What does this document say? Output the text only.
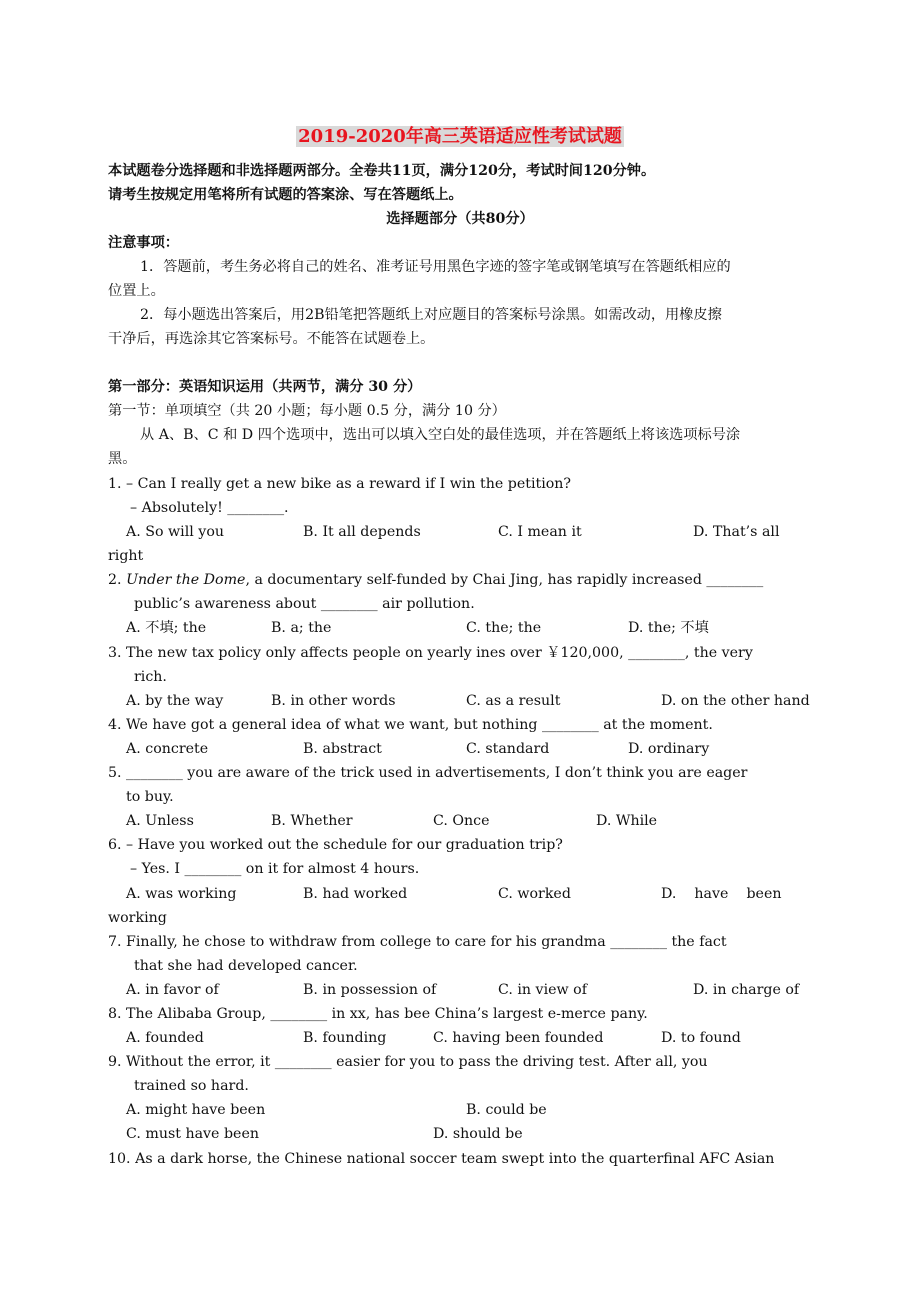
2019-2020年高三英语适应性考试试题
本试题卷分选择题和非选择题两部分。全卷共11页，满分120分，考试时间120分钟。
请考生按规定用笔将所有试题的答案涂、写在答题纸上。
选择题部分（共80分）
注意事项：
1．答题前，考生务必将自己的姓名、准考证号用黑色字迹的签字笔或钢笔填写在答题纸相应的
位置上。
2．每小题选出答案后，用2B铅笔把答题纸上对应题目的答案标号涂黑。如需改动，用橡皮擦
干净后，再选涂其它答案标号。不能答在试题卷上。
第一部分：英语知识运用（共两节，满分 30 分）
第一节：单项填空（共 20 小题；每小题 0.5 分，满分 10 分）
从 A、B、C 和 D 四个选项中，选出可以填入空白处的最佳选项，并在答题纸上将该选项标号涂
黑。
1. – Can I really get a new bike as a reward if I win the petition?
– Absolutely! ________.
A. So will you	B. It all depends	C. I mean it	D. That’s all
right
2. Under the Dome, a documentary self-funded by Chai Jing, has rapidly increased ________
public’s awareness about ________ air pollution.
A. 不填; the	B. a; the	C. the; the	D. the; 不填
3. The new tax policy only affects people on yearly ines over ￥120,000, ________, the very
rich.
A. by the way	B. in other words	C. as a result	D. on the other hand
4. We have got a general idea of what we want, but nothing ________ at the moment.
A. concrete	B. abstract	C. standard	D. ordinary
5. ________ you are aware of the trick used in advertisements, I don’t think you are eager
to buy.
A. Unless	B. Whether	C. Once	D. While
6. – Have you worked out the schedule for our graduation trip?
– Yes. I ________ on it for almost 4 hours.
A. was working	B. had worked	C. worked	D.    have    been
working
7. Finally, he chose to withdraw from college to care for his grandma ________ the fact
that she had developed cancer.
A. in favor of	B. in possession of	C. in view of	D. in charge of
8. The Alibaba Group, ________ in xx, has bee China’s largest e-merce pany.
A. founded	B. founding	C. having been founded	D. to found
9. Without the error, it ________ easier for you to pass the driving test. After all, you
trained so hard.
A. might have been	B. could be
C. must have been	D. should be
10. As a dark horse, the Chinese national soccer team swept into the quarterfinal AFC Asian
